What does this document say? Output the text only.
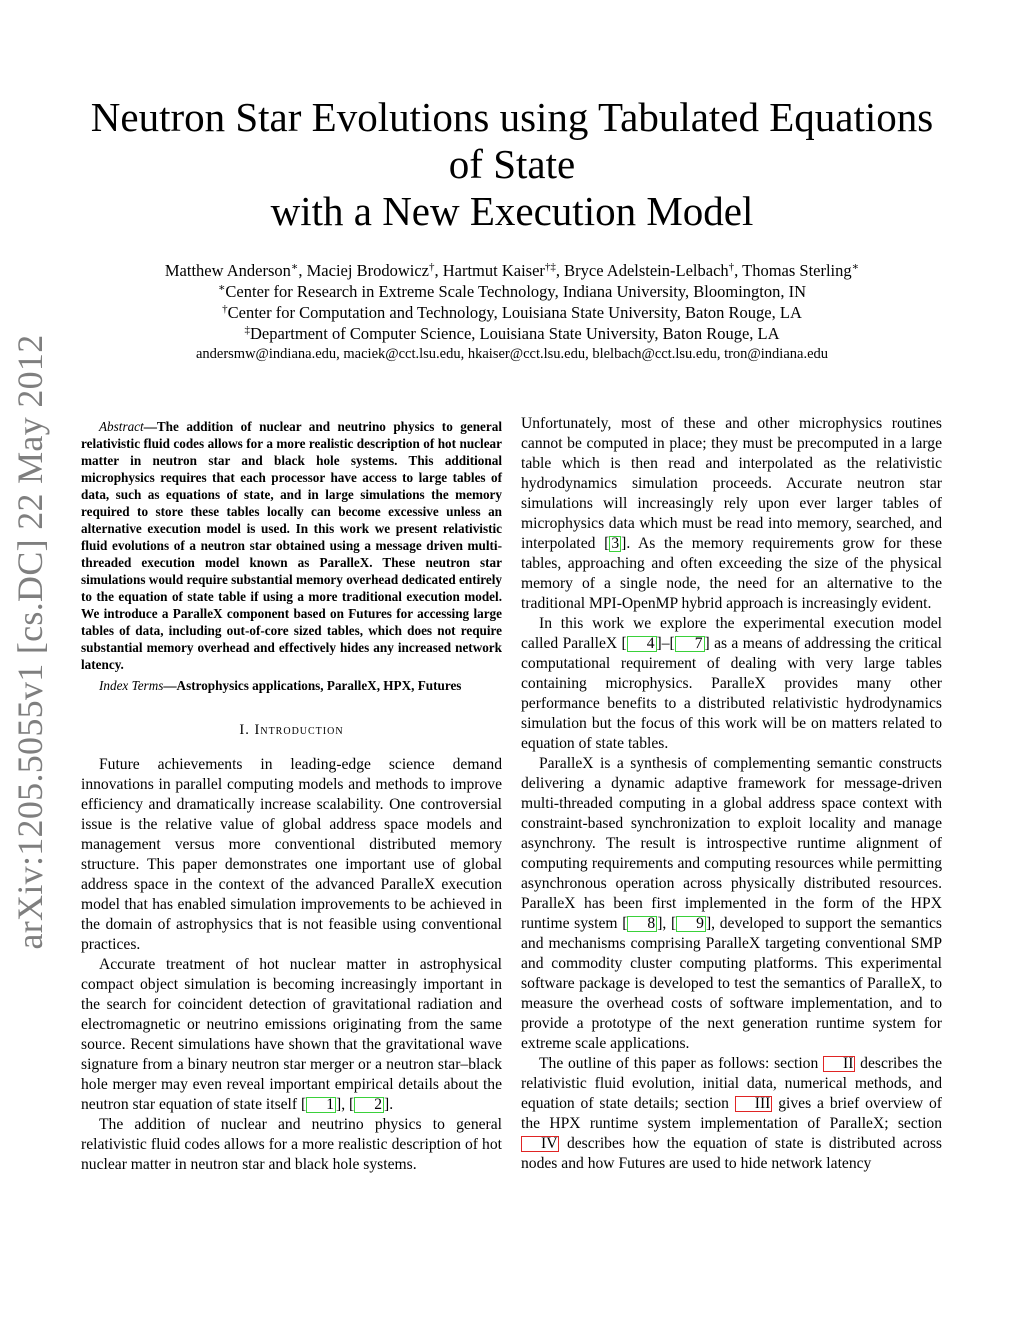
arXiv:1205.5055v1 [cs.DC] 22 May 2012
Neutron Star Evolutions using Tabulated Equations
of State
with a New Execution Model
Matthew Anderson∗, Maciej Brodowicz†, Hartmut Kaiser†‡, Bryce Adelstein-Lelbach†, Thomas Sterling∗
∗Center for Research in Extreme Scale Technology, Indiana University, Bloomington, IN
†Center for Computation and Technology, Louisiana State University, Baton Rouge, LA
‡Department of Computer Science, Louisiana State University, Baton Rouge, LA
andersmw@indiana.edu, maciek@cct.lsu.edu, hkaiser@cct.lsu.edu, blelbach@cct.lsu.edu, tron@indiana.edu

Abstract—The addition of nuclear and neutrino physics to general relativistic fluid codes allows for a more realistic description of hot nuclear matter in neutron star and black hole systems. This additional microphysics requires that each processor have access to large tables of data, such as equations of state, and in large simulations the memory required to store these tables locally can become excessive unless an alternative execution model is used. In this work we present relativistic fluid evolutions of a neutron star obtained using a message driven multi-threaded execution model known as ParalleX. These neutron star simulations would require substantial memory overhead dedicated entirely to the equation of state table if using a more traditional execution model. We introduce a ParalleX component based on Futures for accessing large tables of data, including out-of-core sized tables, which does not require substantial memory overhead and effectively hides any increased network latency.

Index Terms—Astrophysics applications, ParalleX, HPX, Futures

I. Introduction

Future achievements in leading-edge science demand innovations in parallel computing models and methods to improve efficiency and dramatically increase scalability. One controversial issue is the relative value of global address space models and management versus more conventional distributed memory structure. This paper demonstrates one important use of global address space in the context of the advanced ParalleX execution model that has enabled simulation improvements to be achieved in the domain of astrophysics that is not feasible using conventional practices.

Accurate treatment of hot nuclear matter in astrophysical compact object simulation is becoming increasingly important in the search for coincident detection of gravitational radiation and electromagnetic or neutrino emissions originating from the same source. Recent simulations have shown that the gravitational wave signature from a binary neutron star merger or a neutron star–black hole merger may even reveal important empirical details about the neutron star equation of state itself [ 1 ], [ 2 ].

The addition of nuclear and neutrino physics to general relativistic fluid codes allows for a more realistic description of hot nuclear matter in neutron star and black hole systems.

Unfortunately, most of these and other microphysics routines cannot be computed in place; they must be precomputed in a large table which is then read and interpolated as the relativistic hydrodynamics simulation proceeds. Accurate neutron star simulations will increasingly rely upon ever larger tables of microphysics data which must be read into memory, searched, and interpolated [ 3 ]. As the memory requirements grow for these tables, approaching and often exceeding the size of the physical memory of a single node, the need for an alternative to the traditional MPI-OpenMP hybrid approach is increasingly evident.

In this work we explore the experimental execution model called ParalleX [ 4 ]–[ 7 ] as a means of addressing the critical computational requirement of dealing with very large tables containing microphysics. ParalleX provides many other performance benefits to a distributed relativistic hydrodynamics simulation but the focus of this work will be on matters related to equation of state tables.

ParalleX is a synthesis of complementing semantic constructs delivering a dynamic adaptive framework for message-driven multi-threaded computing in a global address space context with constraint-based synchronization to exploit locality and manage asynchrony. The result is introspective runtime alignment of computing requirements and computing resources while permitting asynchronous operation across physically distributed resources. ParalleX has been first implemented in the form of the HPX runtime system [ 8 ], [ 9 ], developed to support the semantics and mechanisms comprising ParalleX targeting conventional SMP and commodity cluster computing platforms. This experimental software package is developed to test the semantics of ParalleX, to measure the overhead costs of software implementation, and to provide a prototype of the next generation runtime system for extreme scale applications.

The outline of this paper as follows: section II describes the relativistic fluid evolution, initial data, numerical methods, and equation of state details; section III gives a brief overview of the HPX runtime system implementation of ParalleX; section IV describes how the equation of state is distributed across nodes and how Futures are used to hide network latency
